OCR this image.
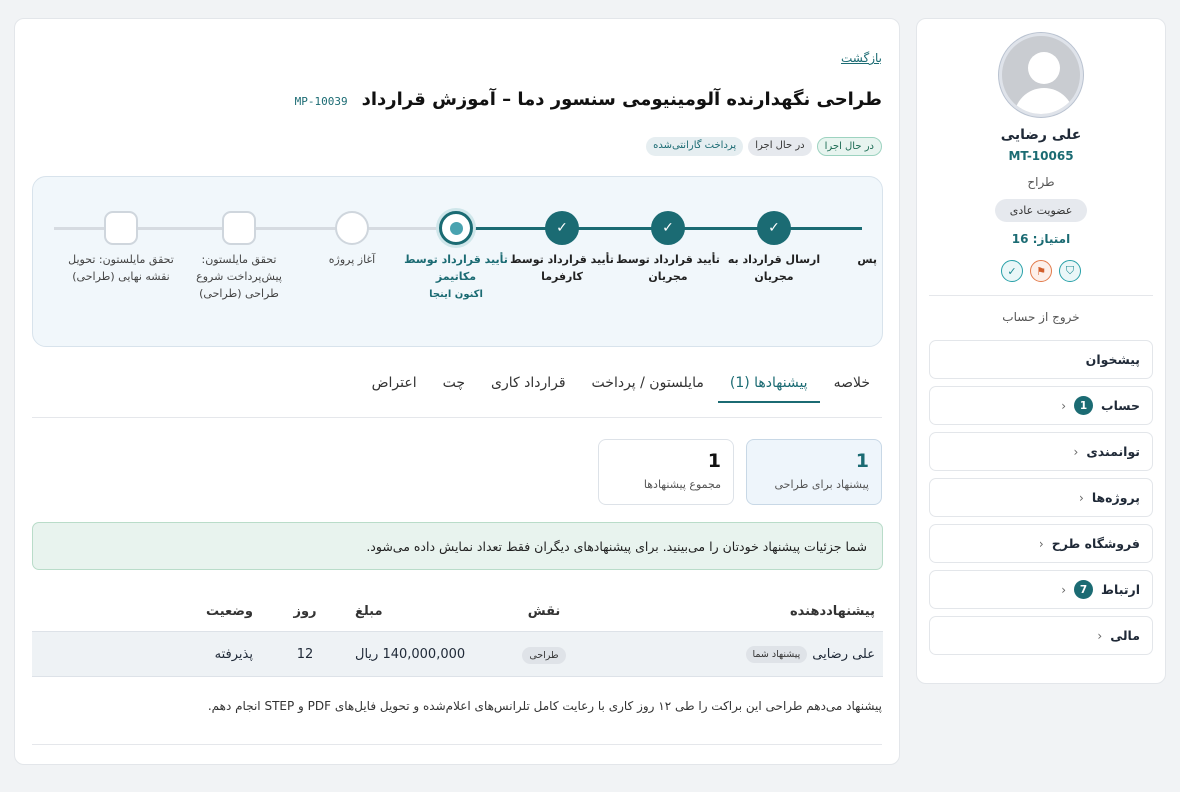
علی رضایی
MT-10065
طراح
عضویت عادی
امتیاز: 16
✓	⚑	⛉
خروج از حساب
پیشخوان
حساب
1
‹
توانمندی
‹
پروژه‌ها
‹
فروشگاه طرح
‹
ارتباط
7
‹
مالی
‹
بازگشت
طراحی نگهدارنده آلومینیومی سنسور دما – آموزش قرارداد
MP-10039
در حال اجرا
در حال اجرا
پرداخت گارانتی‌شده
پس
✓
ارسال قرارداد به مجریان
✓
تأیید قرارداد توسط مجریان
✓
تأیید قرارداد توسط کارفرما
تأیید قرارداد توسط مکاتیمز
اکنون اینجا
آغاز پروژه
تحقق مایلستون: پیش‌پرداخت شروع طراحی (طراحی)
تحقق مایلستون: تحویل نقشه نهایی (طراحی)
خلاصه
پیشنهادها (1)
مایلستون / پرداخت
قرارداد کاری
چت
اعتراض
1
پیشنهاد برای طراحی
1
مجموع پیشنهادها
شما جزئیات پیشنهاد خودتان را می‌بینید. برای پیشنهادهای دیگران فقط تعداد نمایش داده می‌شود.
پیشنهاددهنده
نقش
مبلغ
روز
وضعیت
علی رضایی
پیشنهاد شما
طراحی
140,000,000 ریال
12
پذیرفته
پیشنهاد می‌دهم طراحی این براکت را طی ۱۲ روز کاری با رعایت کامل تلرانس‌های اعلام‌شده و تحویل فایل‌های PDF و STEP انجام دهم.
